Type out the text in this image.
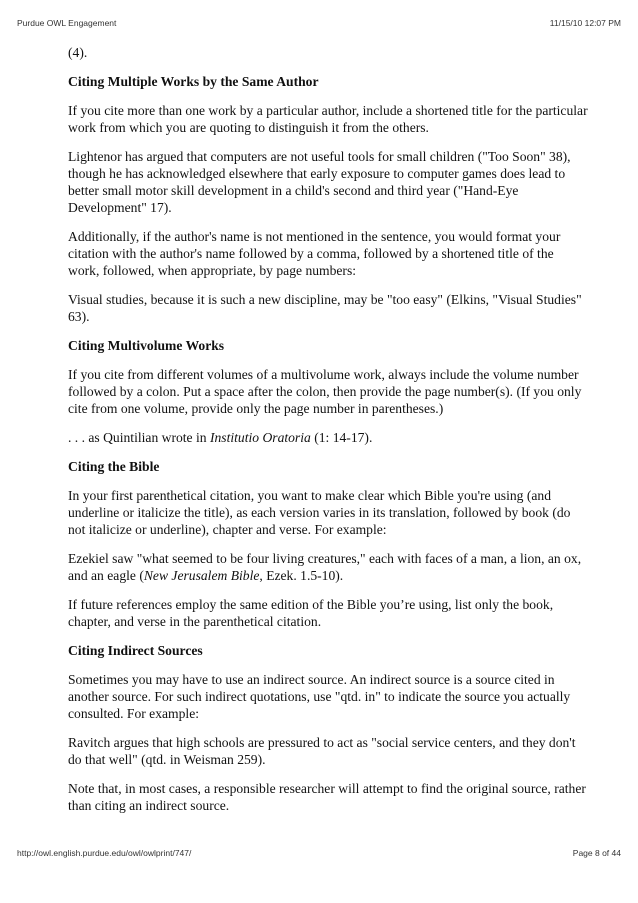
Purdue OWL Engagement	11/15/10 12:07 PM

(4).

Citing Multiple Works by the Same Author

If you cite more than one work by a particular author, include a shortened title for the particular work from which you are quoting to distinguish it from the others.

Lightenor has argued that computers are not useful tools for small children ("Too Soon" 38), though he has acknowledged elsewhere that early exposure to computer games does lead to better small motor skill development in a child's second and third year ("Hand-Eye Development" 17).

Additionally, if the author's name is not mentioned in the sentence, you would format your citation with the author's name followed by a comma, followed by a shortened title of the work, followed, when appropriate, by page numbers:

Visual studies, because it is such a new discipline, may be "too easy" (Elkins, "Visual Studies" 63).

Citing Multivolume Works

If you cite from different volumes of a multivolume work, always include the volume number followed by a colon. Put a space after the colon, then provide the page number(s). (If you only cite from one volume, provide only the page number in parentheses.)

. . . as Quintilian wrote in Institutio Oratoria (1: 14-17).

Citing the Bible

In your first parenthetical citation, you want to make clear which Bible you're using (and underline or italicize the title), as each version varies in its translation, followed by book (do not italicize or underline), chapter and verse. For example:

Ezekiel saw "what seemed to be four living creatures," each with faces of a man, a lion, an ox, and an eagle (New Jerusalem Bible, Ezek. 1.5-10).

If future references employ the same edition of the Bible you’re using, list only the book, chapter, and verse in the parenthetical citation.

Citing Indirect Sources

Sometimes you may have to use an indirect source. An indirect source is a source cited in another source. For such indirect quotations, use "qtd. in" to indicate the source you actually consulted. For example:

Ravitch argues that high schools are pressured to act as "social service centers, and they don't do that well" (qtd. in Weisman 259).

Note that, in most cases, a responsible researcher will attempt to find the original source, rather than citing an indirect source.

http://owl.english.purdue.edu/owl/owlprint/747/	Page 8 of 44
